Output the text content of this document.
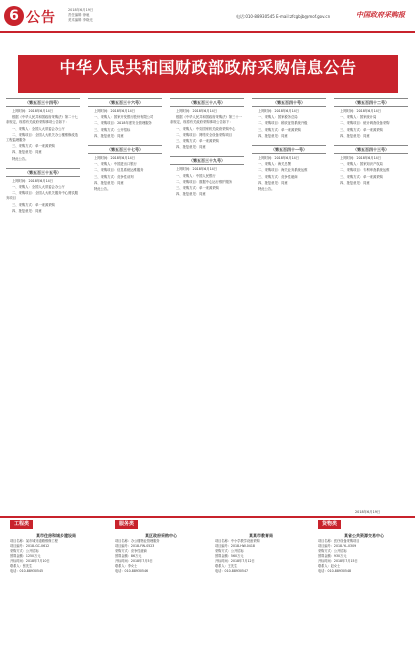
6 公告	2018年6月19日
责任编辑 徐驰
美术编辑 李晓光
电话:010-88930545 E-mail:zfcgbjb@mof.gov.cn	中国政府采购报
中华人民共和国财政部政府采购信息公告
（第五百三十四号）

上网时间：2018年6月14日

根据《中华人民共和国政府采购法》第二十七条规定，现将有关政府采购事项公告如下：

一、采购人：全国人大常委会办公厅

二、采购项目：全国人大机关办公楼维修改造工程监理服务

三、采购方式：单一来源采购

四、批复意见：同意

特此公告。

（第五百三十五号）

上网时间：2018年6月14日

一、采购人：全国人大常委会办公厅

二、采购项目：全国人大机关服务中心餐饮服务项目

三、采购方式：单一来源采购

四、批复意见：同意

（第五百三十六号）

上网时间：2018年6月14日

一、采购人：国家开发银行股份有限公司

二、采购项目：2018年度安全管理服务

三、采购方式：公开招标

四、批复意见：同意

（第五百三十七号）

上网时间：2018年6月14日

一、采购人：中国进出口银行

二、采购项目：信息系统运维服务

三、采购方式：竞争性谈判

四、批复意见：同意

特此公告。

（第五百三十八号）

上网时间：2018年6月14日

根据《中华人民共和国政府采购法》第三十一条规定，现将有关政府采购事项公告如下：

一、采购人：中央国家机关政府采购中心

二、采购项目：网络安全设备采购项目

三、采购方式：单一来源采购

四、批复意见：同意

（第五百三十九号）

上网时间：2018年6月14日

一、采购人：中国人民银行

二、采购项目：数据中心运行维护服务

三、采购方式：单一来源采购

四、批复意见：同意

（第五百四十号）

上网时间：2018年6月14日

一、采购人：国家税务总局

二、采购项目：税收征管系统升级

三、采购方式：单一来源采购

四、批复意见：同意

（第五百四十一号）

上网时间：2018年6月14日

一、采购人：海关总署

二、采购项目：海关业务系统运维

三、采购方式：竞争性磋商

四、批复意见：同意

特此公告。

（第五百四十二号）

上网时间：2018年6月14日

一、采购人：国家统计局

二、采购项目：统计调查设备采购

三、采购方式：单一来源采购

四、批复意见：同意

（第五百四十三号）

上网时间：2018年6月14日

一、采购人：国家知识产权局

二、采购项目：专利审查系统运维

三、采购方式：单一来源采购

四、批复意见：同意

2018年6月19日
工程类	服务类	货物类

某市住房和城乡建设局

项目名称：某市城市道路维修工程

项目编号：2018-GC-0612

采购方式：公开招标

预算金额：1250万元

开标时间：2018年7月10日

联系人：张先生

电话：010-88930545

某区政府采购中心

项目名称：办公楼物业管理服务

项目编号：2018-FW-0523

采购方式：竞争性磋商

预算金额：86万元

开标时间：2018年7月5日

联系人：李女士

电话：010-88930546

某某市教育局

项目名称：中小学教学设备采购

项目编号：2018-HW-0418

采购方式：公开招标

预算金额：560万元

开标时间：2018年7月12日

联系人：王先生

电话：010-88930547

某省公共资源交易中心

项目名称：医疗设备采购项目

项目编号：2018-YL-0309

采购方式：公开招标

预算金额：930万元

开标时间：2018年7月15日

联系人：赵女士

电话：010-88930548
